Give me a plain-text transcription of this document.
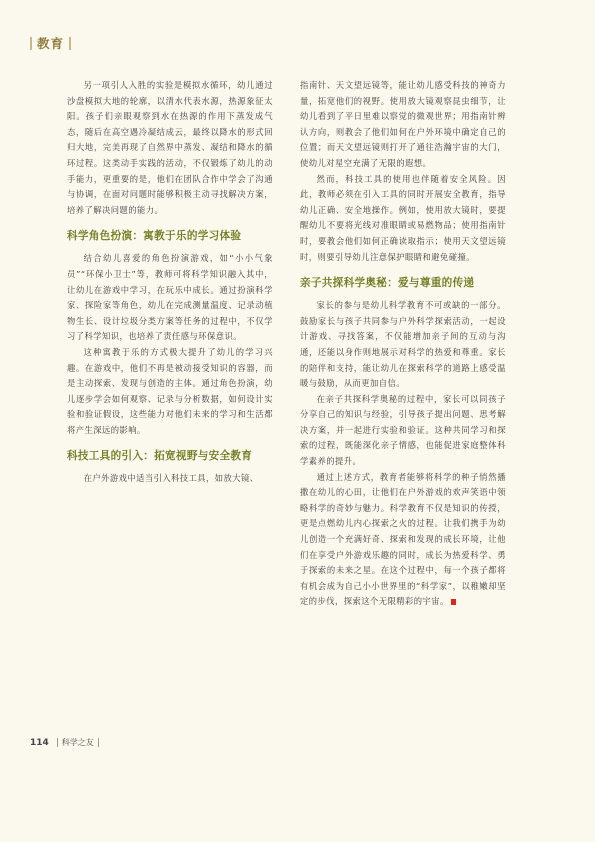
教育

另一项引人入胜的实验是模拟水循环，幼儿通过沙盘模拟大地的轮廓，以清水代表水源，热源象征太阳。孩子们亲眼观察到水在热源的作用下蒸发成气态，随后在高空遇冷凝结成云，最终以降水的形式回归大地，完美再现了自然界中蒸发、凝结和降水的循环过程。这类动手实践的活动，不仅锻炼了幼儿的动手能力，更重要的是，他们在团队合作中学会了沟通与协调，在面对问题时能够积极主动寻找解决方案，培养了解决问题的能力。

科学角色扮演：寓教于乐的学习体验

结合幼儿喜爱的角色扮演游戏，如“小小气象员”“环保小卫士”等，教师可将科学知识融入其中，让幼儿在游戏中学习，在玩乐中成长。通过扮演科学家、探险家等角色，幼儿在完成测量温度、记录动植物生长、设计垃圾分类方案等任务的过程中，不仅学习了科学知识，也培养了责任感与环保意识。

这种寓教于乐的方式极大提升了幼儿的学习兴趣。在游戏中，他们不再是被动接受知识的容器，而是主动探索、发现与创造的主体。通过角色扮演，幼儿逐步学会如何观察、记录与分析数据，如何设计实验和验证假设，这些能力对他们未来的学习和生活都将产生深远的影响。

科技工具的引入：拓宽视野与安全教育

在户外游戏中适当引入科技工具，如放大镜、

指南针、天文望远镜等，能让幼儿感受科技的神奇力量，拓宽他们的视野。使用放大镜观察昆虫细节，让幼儿看到了平日里难以察觉的微观世界；用指南针辨认方向，则教会了他们如何在户外环境中确定自己的位置；而天文望远镜则打开了通往浩瀚宇宙的大门，使幼儿对星空充满了无限的遐想。

然而，科技工具的使用也伴随着安全风险。因此，教师必须在引入工具的同时开展安全教育，指导幼儿正确、安全地操作。例如，使用放大镜时，要提醒幼儿不要将光线对准眼睛或易燃物品；使用指南针时，要教会他们如何正确读取指示；使用天文望远镜时，则要引导幼儿注意保护眼睛和避免碰撞。

亲子共探科学奥秘：爱与尊重的传递

家长的参与是幼儿科学教育不可或缺的一部分。鼓励家长与孩子共同参与户外科学探索活动，一起设计游戏、寻找答案，不仅能增加亲子间的互动与沟通，还能以身作则地展示对科学的热爱和尊重。家长的陪伴和支持，能让幼儿在探索科学的道路上感受温暖与鼓励，从而更加自信。

在亲子共探科学奥秘的过程中，家长可以同孩子分享自己的知识与经验，引导孩子提出问题、思考解决方案，并一起进行实验和验证。这种共同学习和探索的过程，既能深化亲子情感，也能促进家庭整体科学素养的提升。

通过上述方式，教育者能够将科学的种子悄然播撒在幼儿的心田，让他们在户外游戏的欢声笑语中领略科学的奇妙与魅力。科学教育不仅是知识的传授，更是点燃幼儿内心探索之火的过程。让我们携手为幼儿创造一个充满好奇、探索和发现的成长环境，让他们在享受户外游戏乐趣的同时，成长为热爱科学、勇于探索的未来之星。在这个过程中，每一个孩子都将有机会成为自己小小世界里的“科学家”，以稚嫩却坚定的步伐，探索这个无限精彩的宇宙。

114 科学之友
